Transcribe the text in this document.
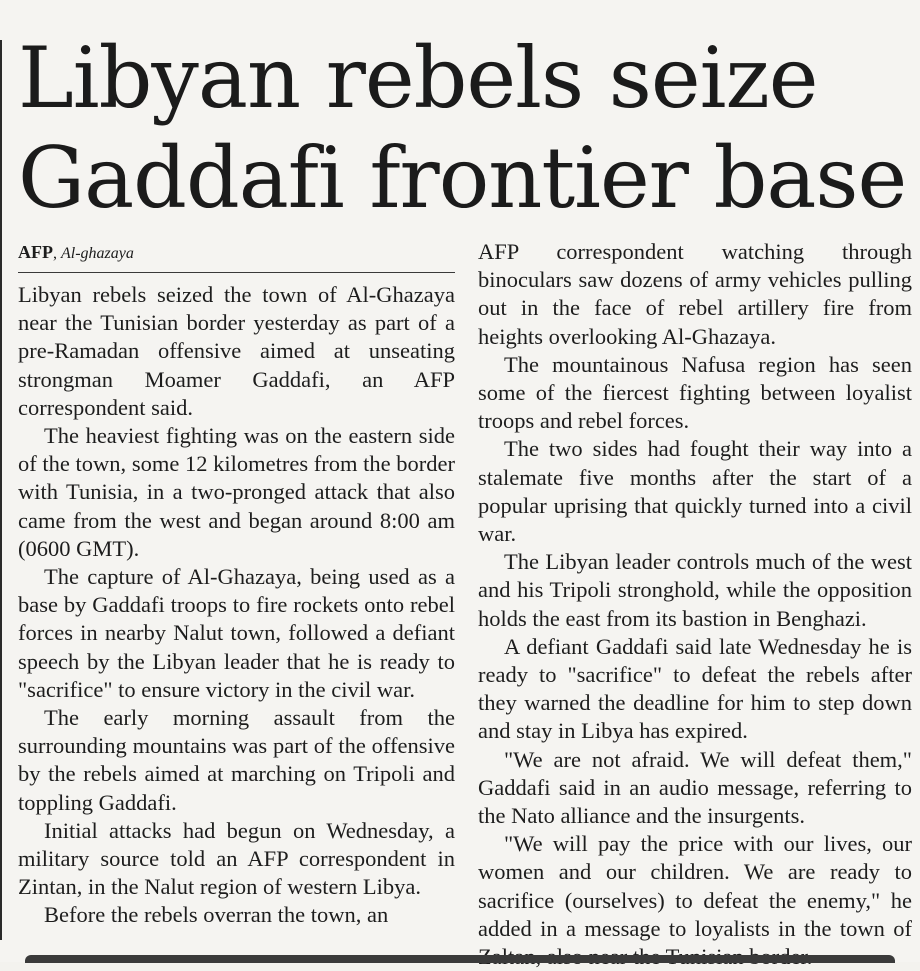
Libyan rebels seize
Gaddafi frontier base
AFP, Al-ghazaya

Libyan rebels seized the town of Al-Ghazaya near the Tunisian border yesterday as part of a pre-Ramadan offensive aimed at unseating strongman Moamer Gaddafi, an AFP correspondent said.

The heaviest fighting was on the eastern side of the town, some 12 kilometres from the border with Tunisia, in a two-pronged attack that also came from the west and began around 8:00 am (0600 GMT).

The capture of Al-Ghazaya, being used as a base by Gaddafi troops to fire rockets onto rebel forces in nearby Nalut town, followed a defiant speech by the Libyan leader that he is ready to "sacrifice" to ensure victory in the civil war.

The early morning assault from the surrounding mountains was part of the offensive by the rebels aimed at marching on Tripoli and toppling Gaddafi.

Initial attacks had begun on Wednesday, a military source told an AFP correspondent in Zintan, in the Nalut region of western Libya.

Before the rebels overran the town, an

AFP correspondent watching through binoculars saw dozens of army vehicles pulling out in the face of rebel artillery fire from heights overlooking Al-Ghazaya.

The mountainous Nafusa region has seen some of the fiercest fighting between loyalist troops and rebel forces.

The two sides had fought their way into a stalemate five months after the start of a popular uprising that quickly turned into a civil war.

The Libyan leader controls much of the west and his Tripoli stronghold, while the opposition holds the east from its bastion in Benghazi.

A defiant Gaddafi said late Wednesday he is ready to "sacrifice" to defeat the rebels after they warned the deadline for him to step down and stay in Libya has expired.

"We are not afraid. We will defeat them," Gaddafi said in an audio message, referring to the Nato alliance and the insurgents.

"We will pay the price with our lives, our women and our children. We are ready to sacrifice (ourselves) to defeat the enemy," he added in a message to loyalists in the town of
